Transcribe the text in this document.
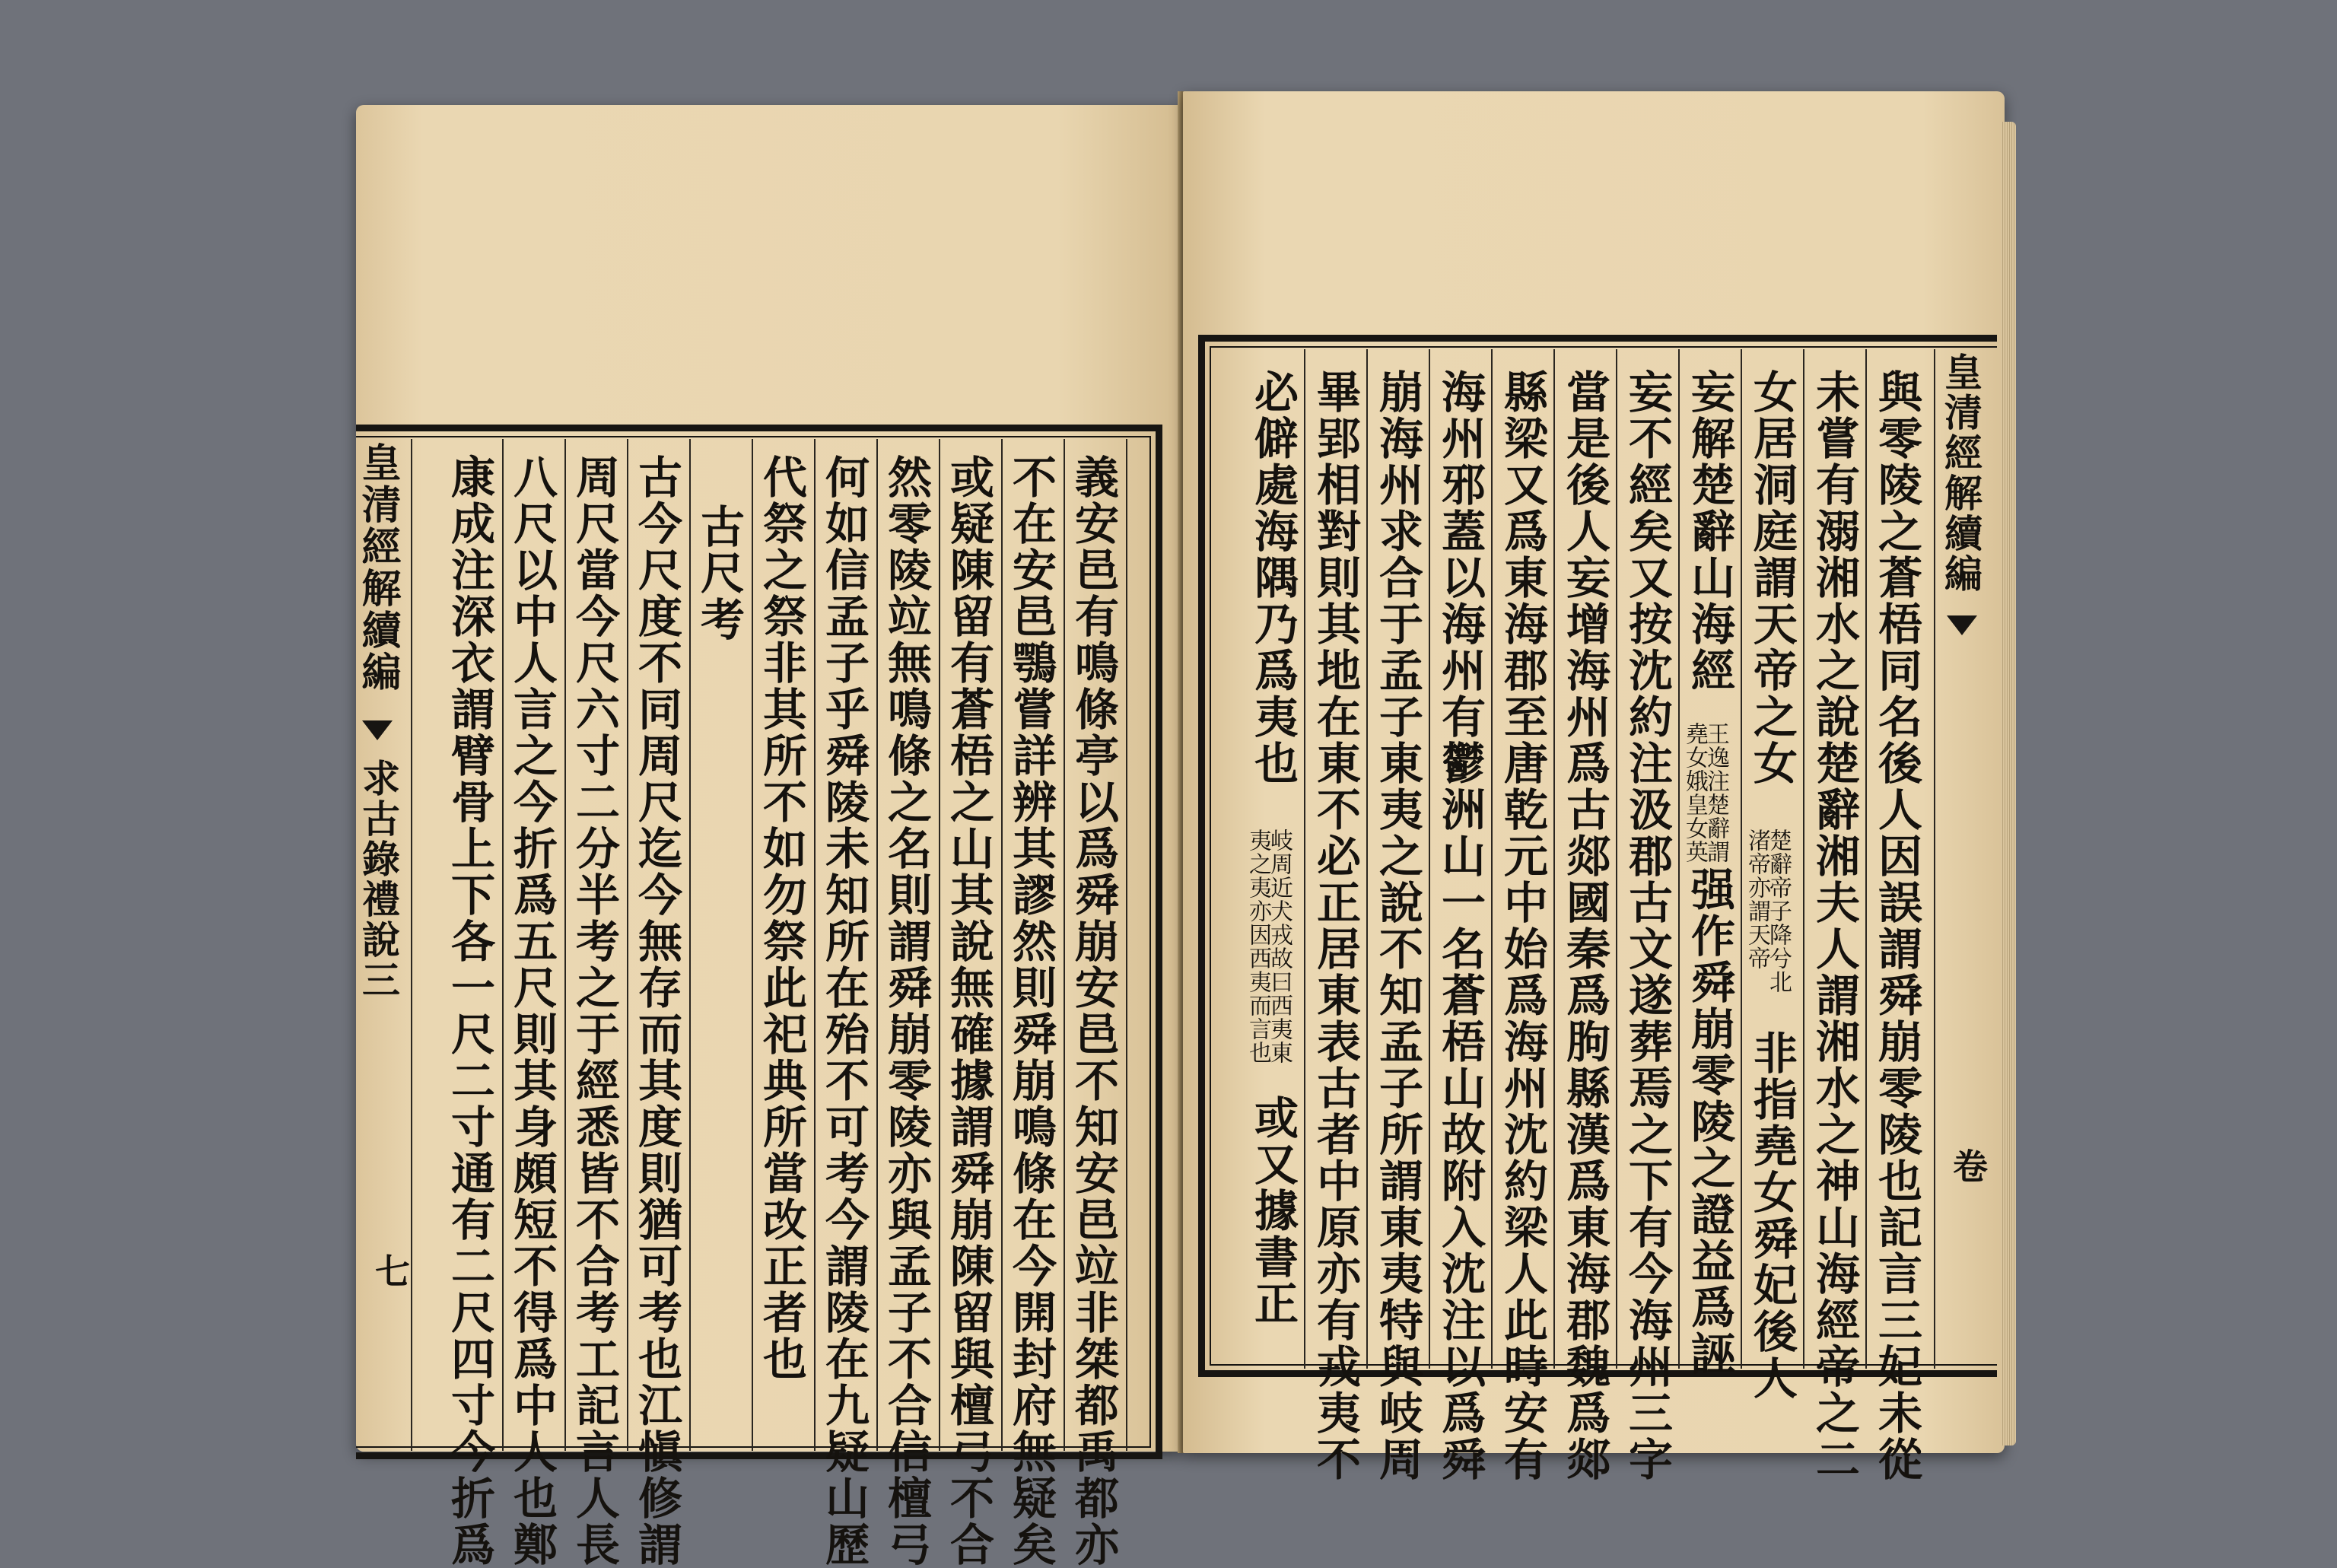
皇清經解續編
求古錄禮說三
七	義安邑有鳴條亭以爲舜崩安邑不知安邑竝非桀都禹都亦
不在安邑鶚嘗詳辨其謬然則舜崩鳴條在今開封府無疑矣
或疑陳留有蒼梧之山其說無確據謂舜崩陳留與檀弓不合
然零陵竝無鳴條之名則謂舜崩零陵亦與孟子不合信檀弓
何如信孟子乎舜陵未知所在殆不可考今謂陵在九疑山歷
代祭之祭非其所不如勿祭此祀典所當改正者也
古尺考
古今尺度不同周尺迄今無存而其度則猶可考也江愼修謂
周尺當今尺六寸二分半考之于經悉皆不合考工記言人長
八尺以中人言之今折爲五尺則其身頗短不得爲中人也鄭
康成注深衣謂臂骨上下各一尺二寸通有二尺四寸今折爲	皇清經解續編
卷
與零陵之蒼梧同名後人因誤謂舜崩零陵也記言三妃未從
未嘗有溺湘水之說楚辭湘夫人謂湘水之神山海經帝之二
女居洞庭謂天帝之女
楚辭帝子降兮北
渚帝亦謂天帝
非指堯女舜妃後人
妄解楚辭山海經
王逸注楚辭謂
堯女娥皇女英
强作舜崩零陵之證益爲誣
妄不經矣又按沈約注汲郡古文遂葬焉之下有今海州三字
當是後人妄增海州爲古郯國秦爲朐縣漢爲東海郡魏爲郯
縣梁又爲東海郡至唐乾元中始爲海州沈約梁人此時安有
海州邪蓋以海州有鬱洲山一名蒼梧山故附入沈注以爲舜
崩海州求合于孟子東夷之說不知孟子所謂東夷特與岐周
畢郢相對則其地在東不必正居東表古者中原亦有戎夷不
必僻處海隅乃爲夷也
岐周近犬戎故曰西夷東
夷之夷亦因西夷而言也
或又據書正
